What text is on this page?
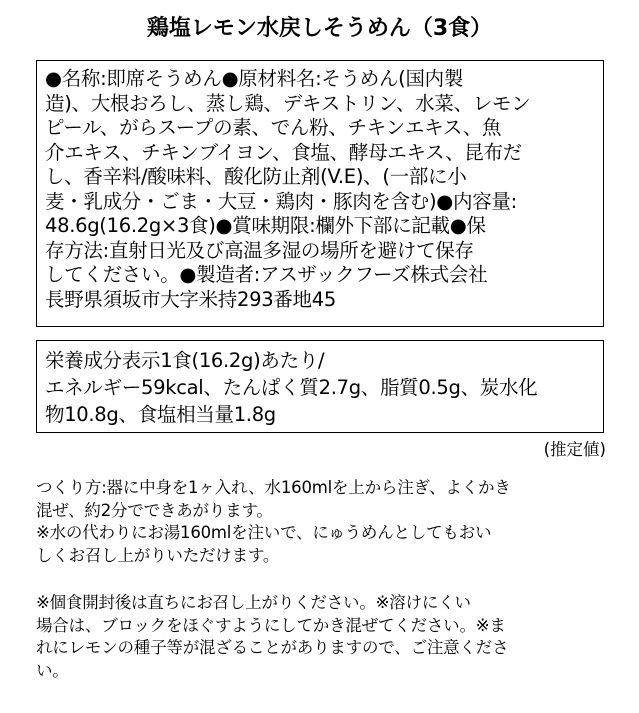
鶏塩レモン水戻しそうめん（3食）
●名称:即席そうめん●原材料名:そうめん(国内製
造)、大根おろし、蒸し鶏、デキストリン、水菜、レモン
ピール、がらスープの素、でん粉、チキンエキス、魚
介エキス、チキンブイヨン、食塩、酵母エキス、昆布だ
し、香辛料/酸味料、酸化防止剤(V.E)、(一部に小
麦・乳成分・ごま・大豆・鶏肉・豚肉を含む)●内容量:
48.6g(16.2g×3食)●賞味期限:欄外下部に記載●保
存方法:直射日光及び高温多湿の場所を避けて保存
してください。●製造者:アスザックフーズ株式会社
長野県須坂市大字米持293番地45
栄養成分表示1食(16.2g)あたり/
エネルギー59kcal、たんぱく質2.7g、脂質0.5g、炭水化
物10.8g、食塩相当量1.8g
(推定値)
つくり方:器に中身を1ヶ入れ、水160mlを上から注ぎ、よくかき
混ぜ、約2分でできあがります。
※水の代わりにお湯160mlを注いで、にゅうめんとしてもおい
しくお召し上がりいただけます。
※個食開封後は直ちにお召し上がりください。※溶けにくい
場合は、ブロックをほぐすようにしてかき混ぜてください。※ま
れにレモンの種子等が混ざることがありますので、ご注意くださ
い。
